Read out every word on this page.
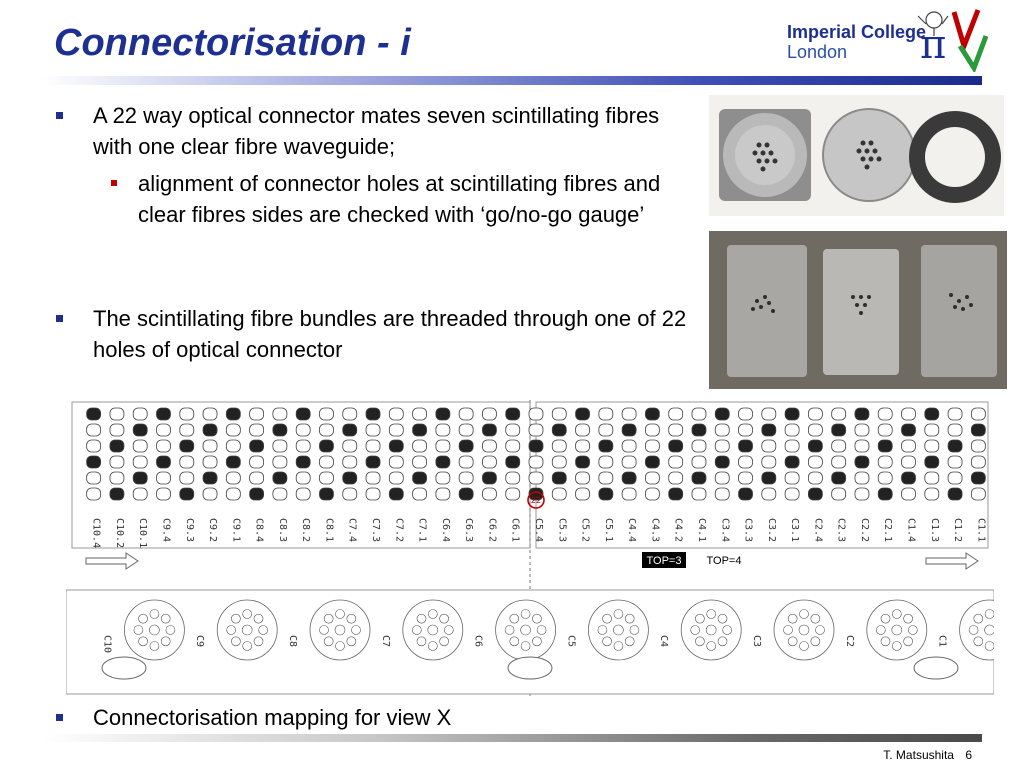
Connectorisation - i	Imperial College
London	π
A 22 way optical connector mates seven scintillating fibres with one clear fibre waveguide;
alignment of connector holes at scintillating fibres and clear fibres sides are checked with ‘go/no-go gauge’
The scintillating fibre bundles are threaded through one of 22 holes of optical connector
Connectorisation mapping for view X
C10.4 C10.2 C10.1 C9.4 C9.3 C9.2 C9.1 C8.4 C8.3 C8.2 C8.1 C7.4 C7.3 C7.2 C7.1 C6.4 C6.3 C6.2 C6.1 C5.4 C5.3 C5.2 C5.1 C4.4 C4.3 C4.2 C4.1 C3.4 C3.3 C3.2 C3.1 C2.4 C2.3 C2.2 C2.1 C1.4 C1.3 C1.2 C1.1
22
TOP=3 TOP=4
C10	C9	C8	C7	C6	C5	C4	C3	C2	C1
T. Matsushita 6
